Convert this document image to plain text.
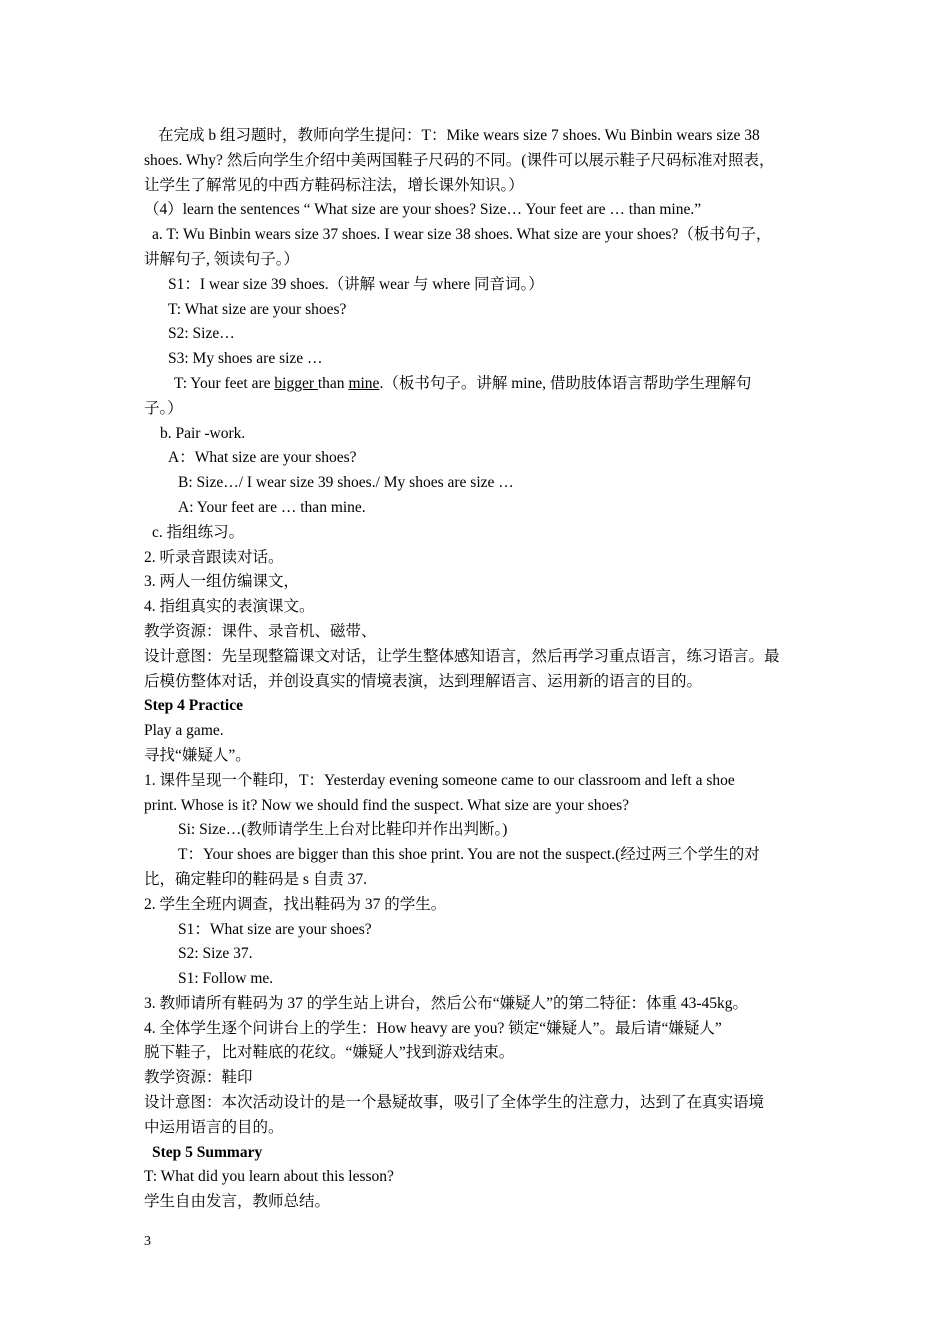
在完成 b 组习题时，教师向学生提问：T：Mike wears size 7 shoes. Wu Binbin wears size 38
shoes. Why? 然后向学生介绍中美两国鞋子尺码的不同。(课件可以展示鞋子尺码标准对照表，
让学生了解常见的中西方鞋码标注法，增长课外知识。）
（4）learn the sentences “ What size are your shoes? Size… Your feet are … than mine.”
a. T: Wu Binbin wears size 37 shoes. I wear size 38 shoes. What size are your shoes?（板书句子，
讲解句子, 领读句子。）
S1：I wear size 39 shoes.（讲解 wear 与 where 同音词。）
T: What size are your shoes?
S2: Size…
S3: My shoes are size …
T: Your feet are bigger than mine.（板书句子。讲解 mine, 借助肢体语言帮助学生理解句
子。）
b. Pair -work.
A：What size are your shoes?
B: Size…/ I wear size 39 shoes./ My shoes are size …
A: Your feet are … than mine.
c. 指组练习。
2. 听录音跟读对话。
3. 两人一组仿编课文，
4. 指组真实的表演课文。
教学资源：课件、录音机、磁带、
设计意图：先呈现整篇课文对话，让学生整体感知语言，然后再学习重点语言，练习语言。最
后模仿整体对话，并创设真实的情境表演，达到理解语言、运用新的语言的目的。
Step 4 Practice
Play a game.
寻找“嫌疑人”。
1. 课件呈现一个鞋印，T：Yesterday evening someone came to our classroom and left a shoe
print. Whose is it? Now we should find the suspect. What size are your shoes?
Si: Size…(教师请学生上台对比鞋印并作出判断。)
T：Your shoes are bigger than this shoe print. You are not the suspect.(经过两三个学生的对
比，确定鞋印的鞋码是 s 自责 37.
2. 学生全班内调查，找出鞋码为 37 的学生。
S1：What size are your shoes?
S2: Size 37.
S1: Follow me.
3. 教师请所有鞋码为 37 的学生站上讲台，然后公布“嫌疑人”的第二特征：体重 43-45kg。
4. 全体学生逐个问讲台上的学生：How heavy are you? 锁定“嫌疑人”。最后请“嫌疑人”
脱下鞋子，比对鞋底的花纹。“嫌疑人”找到游戏结束。
教学资源：鞋印
设计意图：本次活动设计的是一个悬疑故事，吸引了全体学生的注意力，达到了在真实语境
中运用语言的目的。
Step 5 Summary
T: What did you learn about this lesson?
学生自由发言，教师总结。
3
